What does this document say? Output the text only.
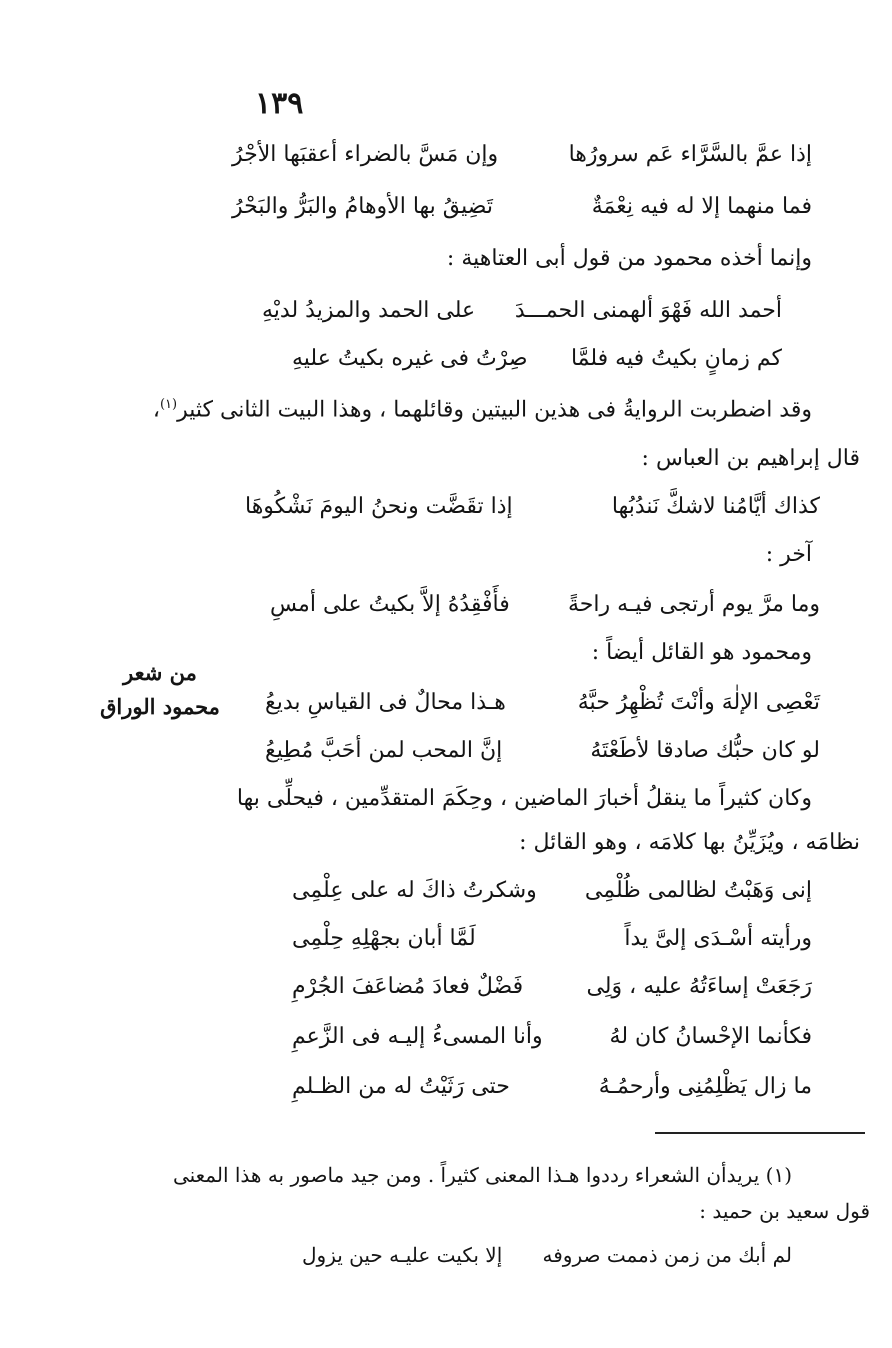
١٣٩
إذا عمَّ بالسَّرَّاء عَم سرورُها
وإن مَسَّ بالضراء أعقبَها الأجْرُ
فما منهما إلا له فيه نِعْمَةٌ
تَضِيقُ بها الأوهامُ والبَرُّ والبَحْرُ
وإنما أخذه محمود من قول أبى العتاهية :
أحمد الله فَهْوَ ألهمنى الحمـــدَ
على الحمد والمزيدُ لديْهِ
كم زمانٍ بكيتُ فيه فلمَّا
صِرْتُ فى غيره بكيتُ عليهِ
وقد اضطربت الروايةُ فى هذين البيتين وقائلهما ، وهذا البيت الثانى كثير$^{(١)}$،
قال إبراهيم بن العباس :
كذاك أيَّامُنا لاشكَّ نَندُبُها
إذا تقَضَّت ونحنُ اليومَ نَشْكُوهَا
آخر :
وما مرَّ يوم أرتجى فيـه راحةً
فأَفْقِدُهُ إلاَّ بكيتُ على أمسِ
ومحمود هو القائل أيضاً :
تَعْصِى الإلٰهَ وأنْتَ تُظْهِرُ حبَّهُ
هـذا محالٌ فى القياسِ بديعُ
لو كان حبُّك صادقا لأطَعْتَهُ
إنَّ المحب لمن أحَبَّ مُطِيعُ
وكان كثيراً ما ينقلُ أخبارَ الماضين ، وحِكَمَ المتقدِّمين ، فيحلِّى بها
نظامَه ، ويُزَيِّنُ بها كلامَه ، وهو القائل :
إنى وَهَبْتُ لظالمى ظُلْمِى
وشكرتُ ذاكَ له على عِلْمِى
ورأيته أسْـدَى إلىَّ يداً
لَمَّا أبان بجهْلِهِ حِلْمِى
رَجَعَتْ إساءَتُهُ عليه ، وَلِى
فَضْلٌ فعادَ مُضاعَفَ الجُرْمِ
فكأنما الإحْسانُ كان لهُ
وأنا المسىءُ إليـه فى الزَّعمِ
ما زال يَظْلِمُنِى وأرحمُـهُ
حتى رَثَيْتُ له من الظـلمِ
من شعر
محمود الوراق
(١) يريدأن الشعراء رددوا هـذا المعنى كثيراً . ومن جيد ماصور به هذا المعنى
قول سعيد بن حميد :
لم أبك من زمن ذممت صروفه
إلا بكيت عليـه حين يزول
